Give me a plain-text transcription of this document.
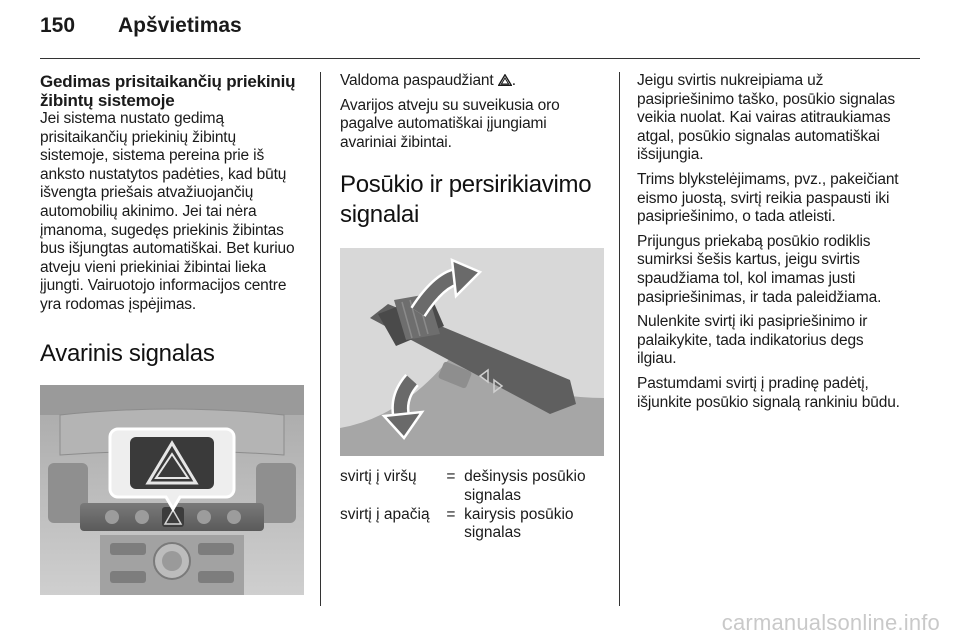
150 Apšvietimas
Gedimas prisitaikančių priekinių žibintų sistemoje
Jei sistema nustato gedimą prisitaikančių priekinių žibintų sistemoje, sistema pereina prie iš anksto nustatytos padėties, kad būtų išvengta priešais atvažiuojančių automobilių akinimo. Jei tai nėra įmanoma, sugedęs priekinis žibintas bus išjungtas automatiškai. Bet kuriuo atveju vieni priekiniai žibintai lieka įjungti. Vairuotojo informacijos centre yra rodomas įspėjimas.
Avarinis signalas
Valdoma paspaudžiant .
Avarijos atveju su suveikusia oro pagalve automatiškai įjungiami avariniai žibintai.
Posūkio ir persirikiavimo signalai
svirtį į viršų	= dešinysis posūkio signalas
svirtį į apačią	= kairysis posūkio signalas
Jeigu svirtis nukreipiama už pasipriešinimo taško, posūkio signalas veikia nuolat. Kai vairas atitraukiamas atgal, posūkio signalas automatiškai išsijungia.
Trims blykstelėjimams, pvz., pakeičiant eismo juostą, svirtį reikia paspausti iki pasipriešinimo, o tada atleisti.
Prijungus priekabą posūkio rodiklis sumirksi šešis kartus, jeigu svirtis spaudžiama tol, kol imamas justi pasipriešinimas, ir tada paleidžiama.
Nulenkite svirtį iki pasipriešinimo ir palaikykite, tada indikatorius degs ilgiau.
Pastumdami svirtį į pradinę padėtį, išjunkite posūkio signalą rankiniu būdu.
carmanualsonline.info
